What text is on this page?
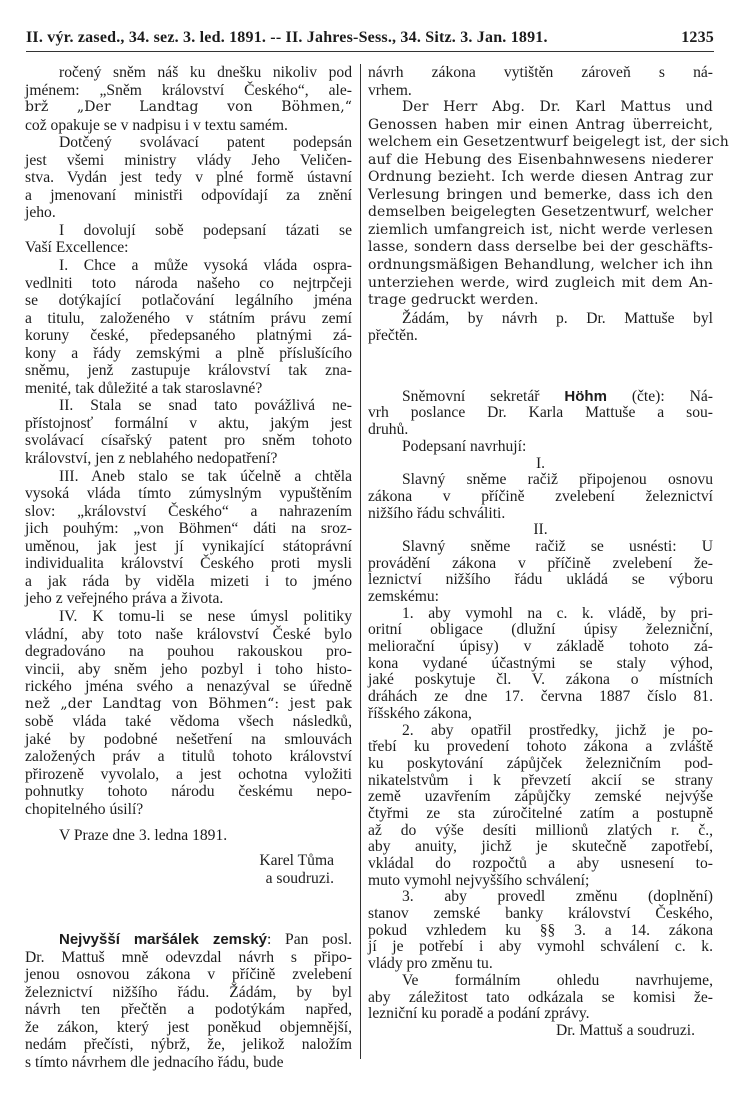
II. výr. zased., 34. sez. 3. led. 1891. -- II. Jahres-Sess., 34. Sitz. 3. Jan. 1891.	1235
ročený sněm náš ku dnešku nikoliv pod
jménem: „Sněm království Českého“, ale-
brž „Der Landtag von Böhmen,“
což opakuje se v nadpisu i v textu samém.
Dotčený svolávací patent podepsán
jest všemi ministry vlády Jeho Veličen-
stva. Vydán jest tedy v plné formě ústavní
a jmenovaní ministři odpovídají za znění
jeho.
I dovolují sobě podepsaní tázati se
Vaší Excellence:
I. Chce a může vysoká vláda ospra-
vedlniti toto národa našeho co nejtrpčeji
se dotýkající potlačování legálního jména
a titulu, založeného v státním právu zemí
koruny české, předepsaného platnými zá-
kony a řády zemskými a plně příslušícího
sněmu, jenž zastupuje království tak zna-
menité, tak důležité a tak staroslavné?
II. Stala se snad tato povážlivá ne-
přístojnosť formální v aktu, jakým jest
svolávací císařský patent pro sněm tohoto
království, jen z neblahého nedopatření?
III. Aneb stalo se tak účelně a chtěla
vysoká vláda tímto zúmyslným vypuštěním
slov: „království Českého“ a nahrazením
jich pouhým: „von Böhmen“ dáti na sroz-
uměnou, jak jest jí vynikající státoprávní
individualita království Českého proti mysli
a jak ráda by viděla mizeti i to jméno
jeho z veřejného práva a života.
IV. K tomu-li se nese úmysl politiky
vládní, aby toto naše království České bylo
degradováno na pouhou rakouskou pro-
vincii, aby sněm jeho pozbyl i toho histo-
rického jména svého a nenazýval se úředně
než „der Landtag von Böhmen“: jest pak
sobě vláda také vědoma všech následků,
jaké by podobné nešetření na smlouvách
založených práv a titulů tohoto království
přirozeně vyvolalo, a jest ochotna vyložiti
pohnutky tohoto národu českému nepo-
chopitelného úsilí?
V Praze dne 3. ledna 1891.
Karel Tůma
a soudruzi.
Nejvyšší maršálek zemský: Pan posl.
Dr. Mattuš mně odevzdal návrh s připo-
jenou osnovou zákona v příčině zvelebení
železnictví nižšího řádu. Žádám, by byl
návrh ten přečtěn a podotýkám napřed,
že zákon, který jest poněkud objemnější,
nedám přečísti, nýbrž, že, jelikož naložím
s tímto návrhem dle jednacího řádu, bude
návrh zákona vytištěn zároveň s ná-
vrhem.
Der Herr Abg. Dr. Karl Mattus und
Genossen haben mir einen Antrag überreicht,
welchem ein Gesetzentwurf beigelegt ist, der sich
auf die Hebung des Eisenbahnwesens niederer
Ordnung bezieht. Ich werde diesen Antrag zur
Verlesung bringen und bemerke, dass ich den
demselben beigelegten Gesetzentwurf, welcher
ziemlich umfangreich ist, nicht werde verlesen
lasse, sondern dass derselbe bei der geschäfts-
ordnungsmäßigen Behandlung, welcher ich ihn
unterziehen werde, wird zugleich mit dem An-
trage gedruckt werden.
Žádám, by návrh p. Dr. Mattuše byl
přečtěn.
Sněmovní sekretář Höhm (čte): Ná-
vrh poslance Dr. Karla Mattuše a sou-
druhů.
Podepsaní navrhují:
I.
Slavný sněme račiž připojenou osnovu
zákona v příčině zvelebení železnictví
nižšího řádu schváliti.
II.
Slavný sněme račiž se usnésti: U
provádění zákona v příčině zvelebení že-
leznictví nižšího řádu ukládá se výboru
zemskému:
1. aby vymohl na c. k. vládě, by pri-
oritní obligace (dlužní úpisy železniční,
meliorační úpisy) v základě tohoto zá-
kona vydané účastnými se staly výhod,
jaké poskytuje čl. V. zákona o místních
dráhách ze dne 17. června 1887 číslo 81.
říšského zákona,
2. aby opatřil prostředky, jichž je po-
třebí ku provedení tohoto zákona a zvláště
ku poskytování zápůjček železničním pod-
nikatelstvům i k převzetí akcií se strany
země uzavřením zápůjčky zemské nejvýše
čtyřmi ze sta zúročitelné zatím a postupně
až do výše desíti millionů zlatých r. č.,
aby anuity, jichž je skutečně zapotřebí,
vkládal do rozpočtů a aby usnesení to-
muto vymohl nejvyššího schválení;
3. aby provedl změnu (doplnění)
stanov zemské banky království Českého,
pokud vzhledem ku §§ 3. a 14. zákona
jí je potřebí i aby vymohl schválení c. k.
vlády pro změnu tu.
Ve formálním ohledu navrhujeme,
aby záležitost tato odkázala se komisi že-
lezniční ku poradě a podání zprávy.
Dr. Mattuš a soudruzi.
